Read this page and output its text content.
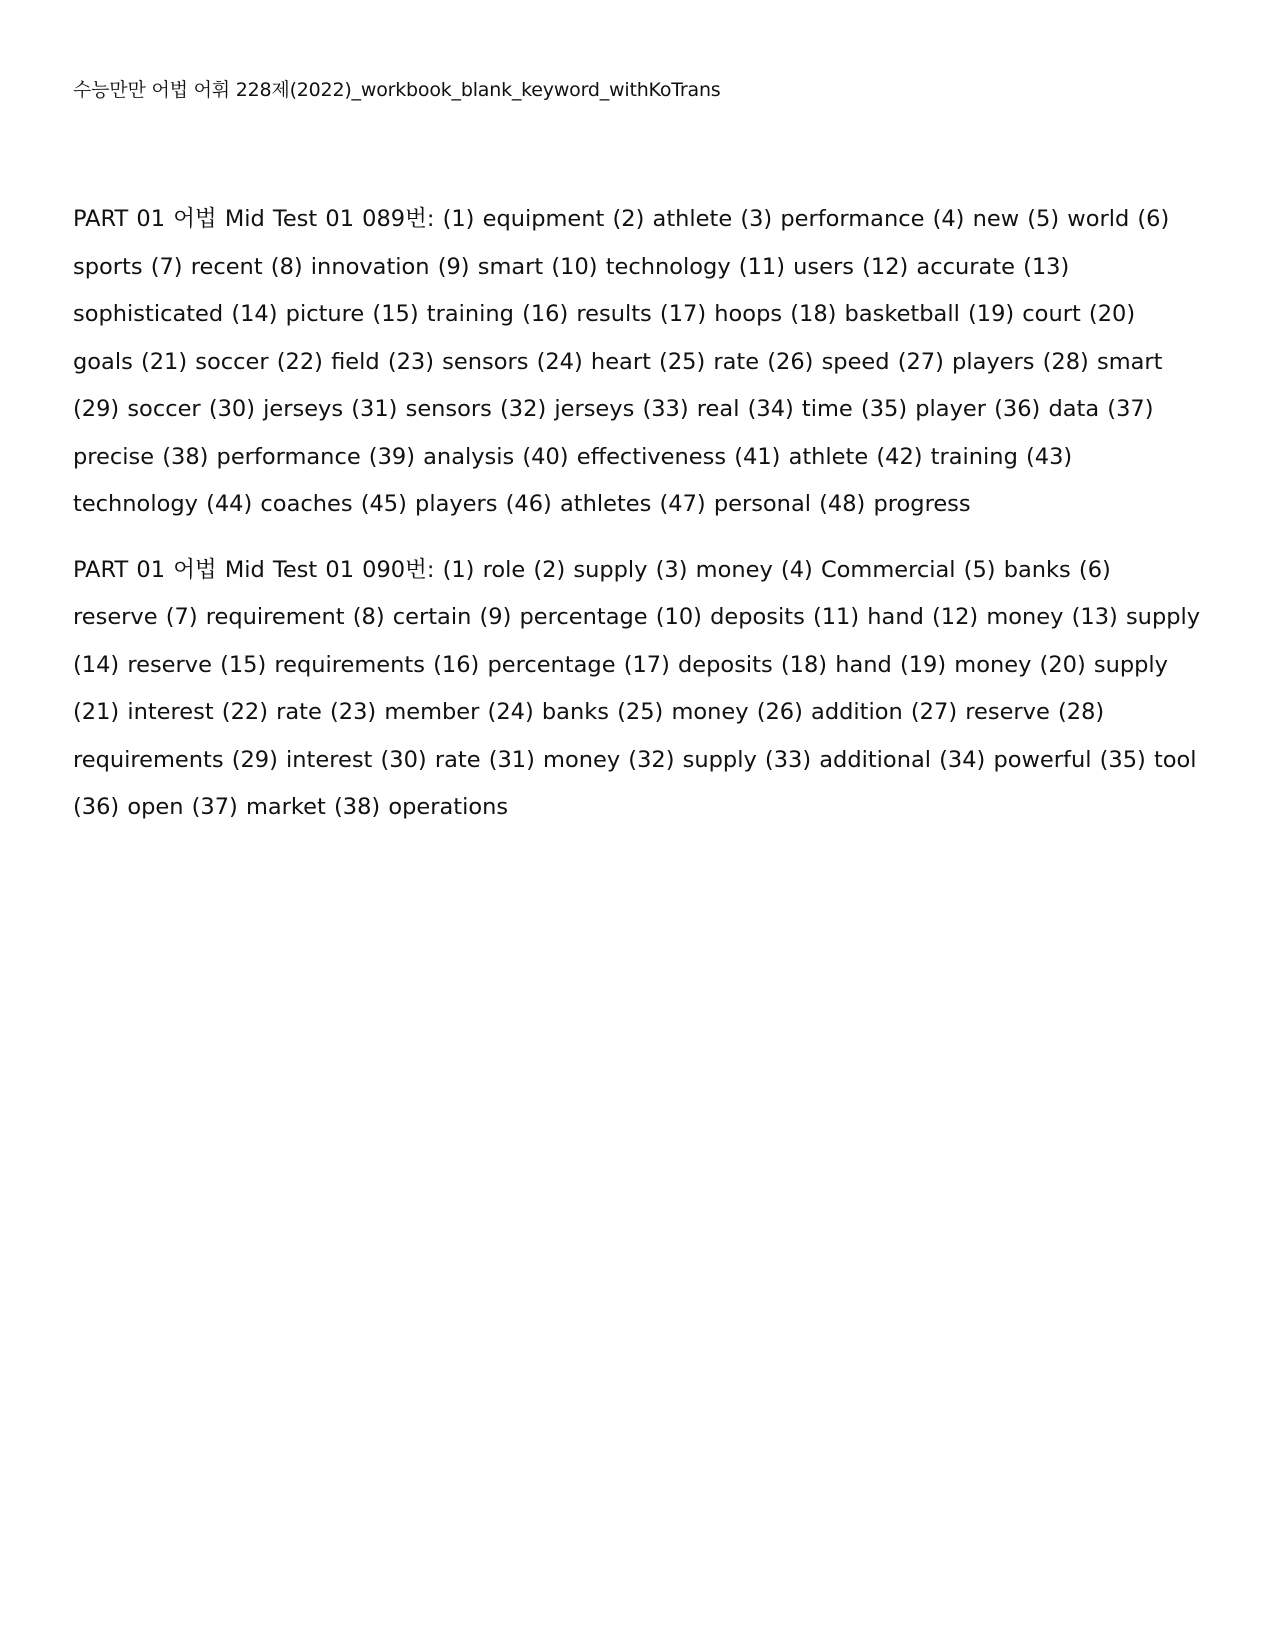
수능만만 어법 어휘 228제(2022)_workbook_blank_keyword_withKoTrans

PART 01 어법 Mid Test 01 089번: (1) equipment (2) athlete (3) performance (4) new (5) world (6) sports (7) recent (8) innovation (9) smart (10) technology (11) users (12) accurate (13) sophisticated (14) picture (15) training (16) results (17) hoops (18) basketball (19) court (20) goals (21) soccer (22) field (23) sensors (24) heart (25) rate (26) speed (27) players (28) smart (29) soccer (30) jerseys (31) sensors (32) jerseys (33) real (34) time (35) player (36) data (37) precise (38) performance (39) analysis (40) effectiveness (41) athlete (42) training (43) technology (44) coaches (45) players (46) athletes (47) personal (48) progress

PART 01 어법 Mid Test 01 090번: (1) role (2) supply (3) money (4) Commercial (5) banks (6) reserve (7) requirement (8) certain (9) percentage (10) deposits (11) hand (12) money (13) supply (14) reserve (15) requirements (16) percentage (17) deposits (18) hand (19) money (20) supply (21) interest (22) rate (23) member (24) banks (25) money (26) addition (27) reserve (28) requirements (29) interest (30) rate (31) money (32) supply (33) additional (34) powerful (35) tool (36) open (37) market (38) operations
